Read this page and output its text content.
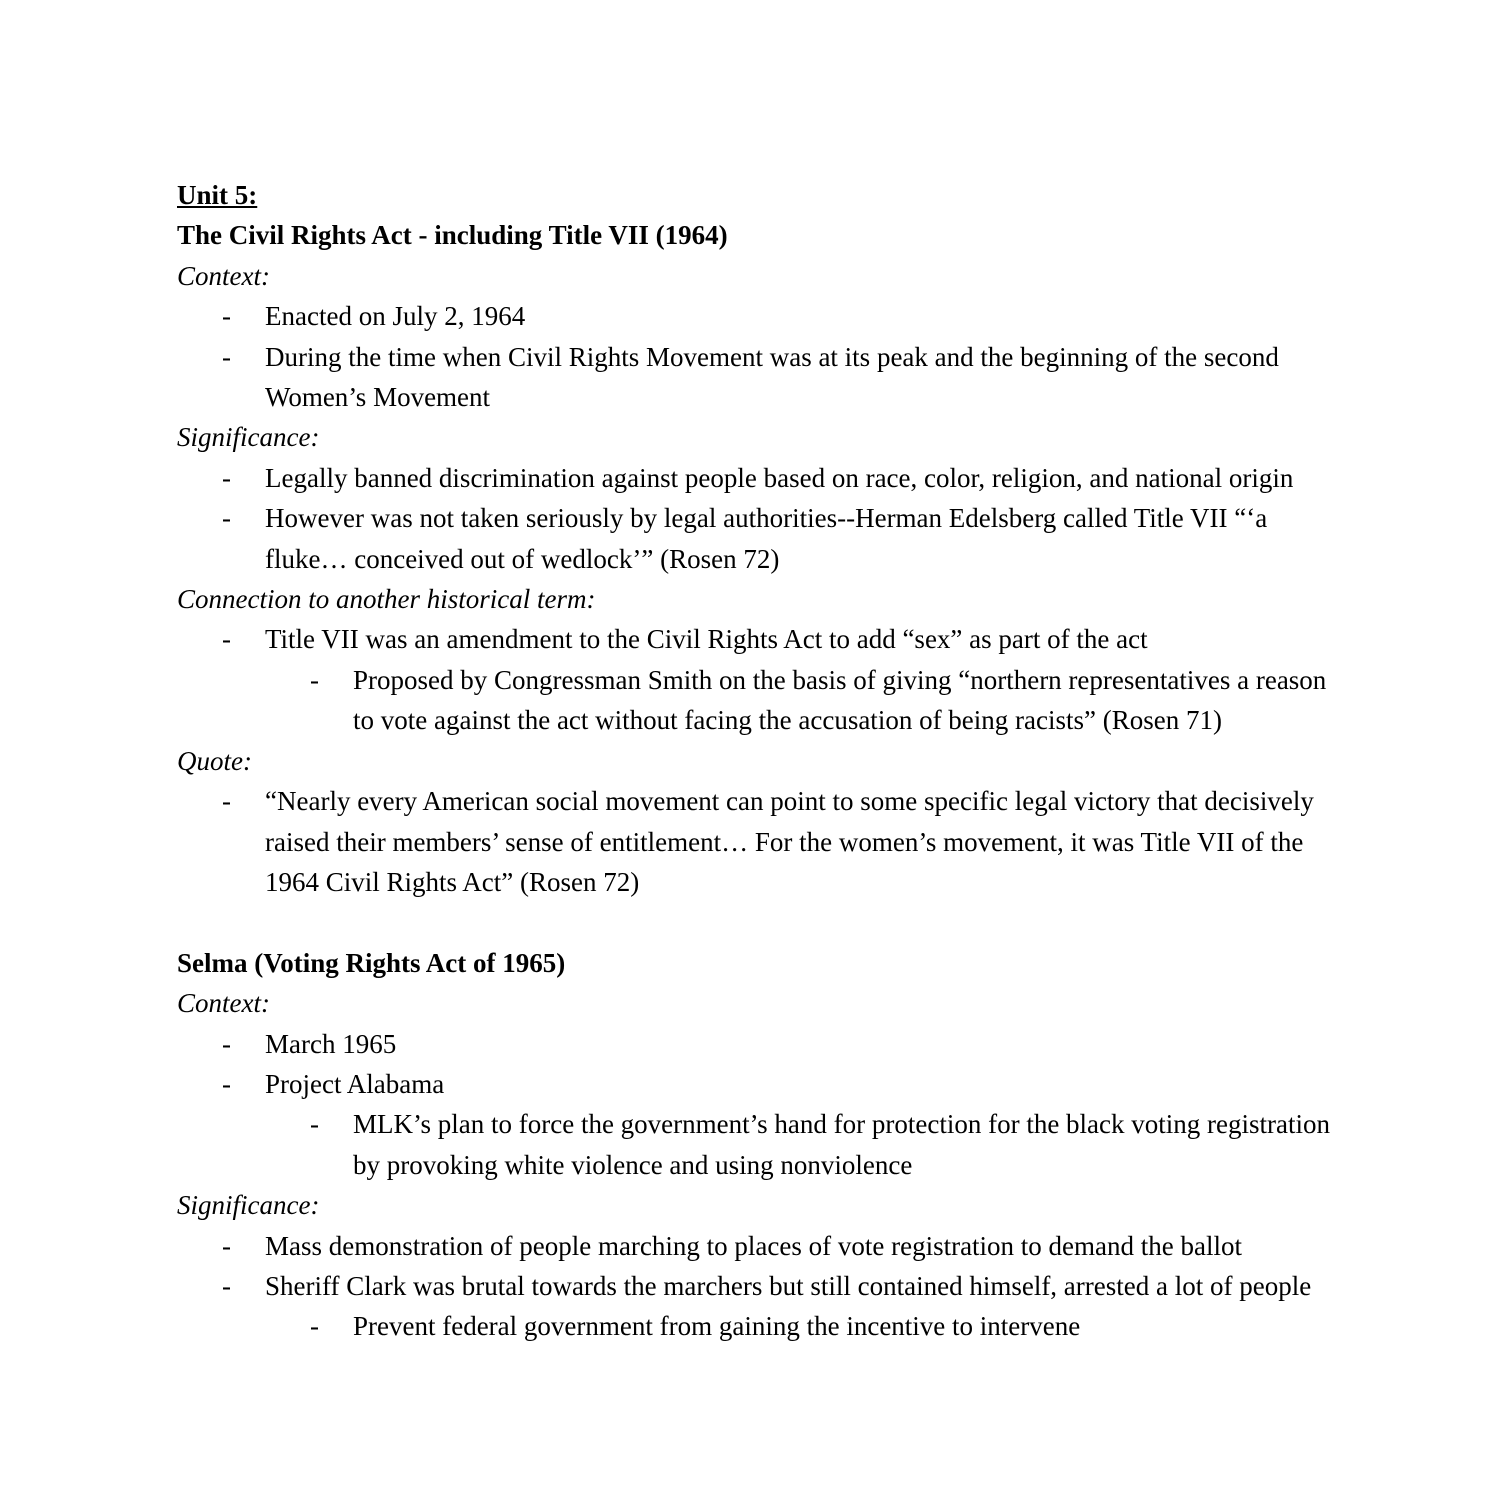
Unit 5:

The Civil Rights Act - including Title VII (1964)

Context:

- Enacted on July 2, 1964
- During the time when Civil Rights Movement was at its peak and the beginning of the second Women’s Movement

Significance:

- Legally banned discrimination against people based on race, color, religion, and national origin
- However was not taken seriously by legal authorities--Herman Edelsberg called Title VII “‘a fluke… conceived out of wedlock’” (Rosen 72)

Connection to another historical term:

- Title VII was an amendment to the Civil Rights Act to add “sex” as part of the act
- Proposed by Congressman Smith on the basis of giving “northern representatives a reason to vote against the act without facing the accusation of being racists” (Rosen 71)

Quote:

- “Nearly every American social movement can point to some specific legal victory that decisively raised their members’ sense of entitlement… For the women’s movement, it was Title VII of the 1964 Civil Rights Act” (Rosen 72)

Selma (Voting Rights Act of 1965)

Context:

- March 1965
- Project Alabama
- MLK’s plan to force the government’s hand for protection for the black voting registration by provoking white violence and using nonviolence

Significance:

- Mass demonstration of people marching to places of vote registration to demand the ballot
- Sheriff Clark was brutal towards the marchers but still contained himself, arrested a lot of people
- Prevent federal government from gaining the incentive to intervene
